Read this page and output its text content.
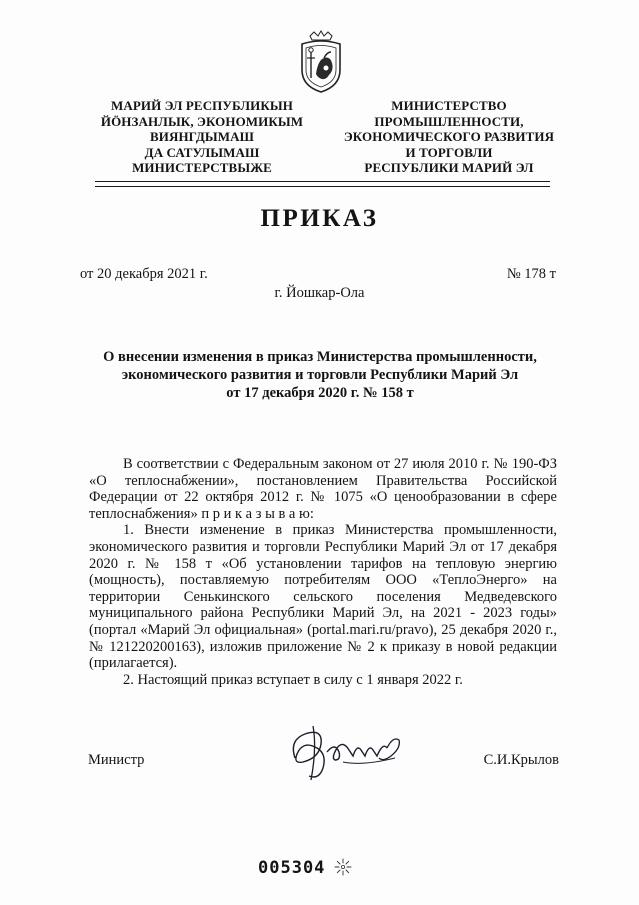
МАРИЙ ЭЛ РЕСПУБЛИКЫН
ЙӦНЗАНЛЫК, ЭКОНОМИКЫМ
ВИЯНГДЫМАШ
ДА САТУЛЫМАШ
МИНИСТЕРСТВЫЖЕ
МИНИСТЕРСТВО
ПРОМЫШЛЕННОСТИ,
ЭКОНОМИЧЕСКОГО РАЗВИТИЯ
И ТОРГОВЛИ
РЕСПУБЛИКИ МАРИЙ ЭЛ
ПРИКАЗ
от 20 декабря 2021 г.	№ 178 т
г. Йошкар-Ола
О внесении изменения в приказ Министерства промышленности,
экономического развития и торговли Республики Марий Эл
от 17 декабря 2020 г. № 158 т

В соответствии с Федеральным законом от 27 июля 2010 г. № 190-ФЗ «О теплоснабжении», постановлением Правительства Российской Федерации от 22 октября 2012 г. № 1075 «О ценообразовании в сфере теплоснабжения» п р и к а з ы в а ю:

1. Внести изменение в приказ Министерства промышленности, экономического развития и торговли Республики Марий Эл от 17 декабря 2020 г. № 158 т «Об установлении тарифов на тепловую энергию (мощность), поставляемую потребителям ООО «ТеплоЭнерго» на территории Сенькинского сельского поселения Медведевского муниципального района Республики Марий Эл, на 2021 - 2023 годы» (портал «Марий Эл официальная» (portal.mari.ru/pravo), 25 декабря 2020 г., № 121220200163), изложив приложение № 2 к приказу в новой редакции (прилагается).

2. Настоящий приказ вступает в силу с 1 января 2022 г.

Министр	С.И.Крылов
005304
